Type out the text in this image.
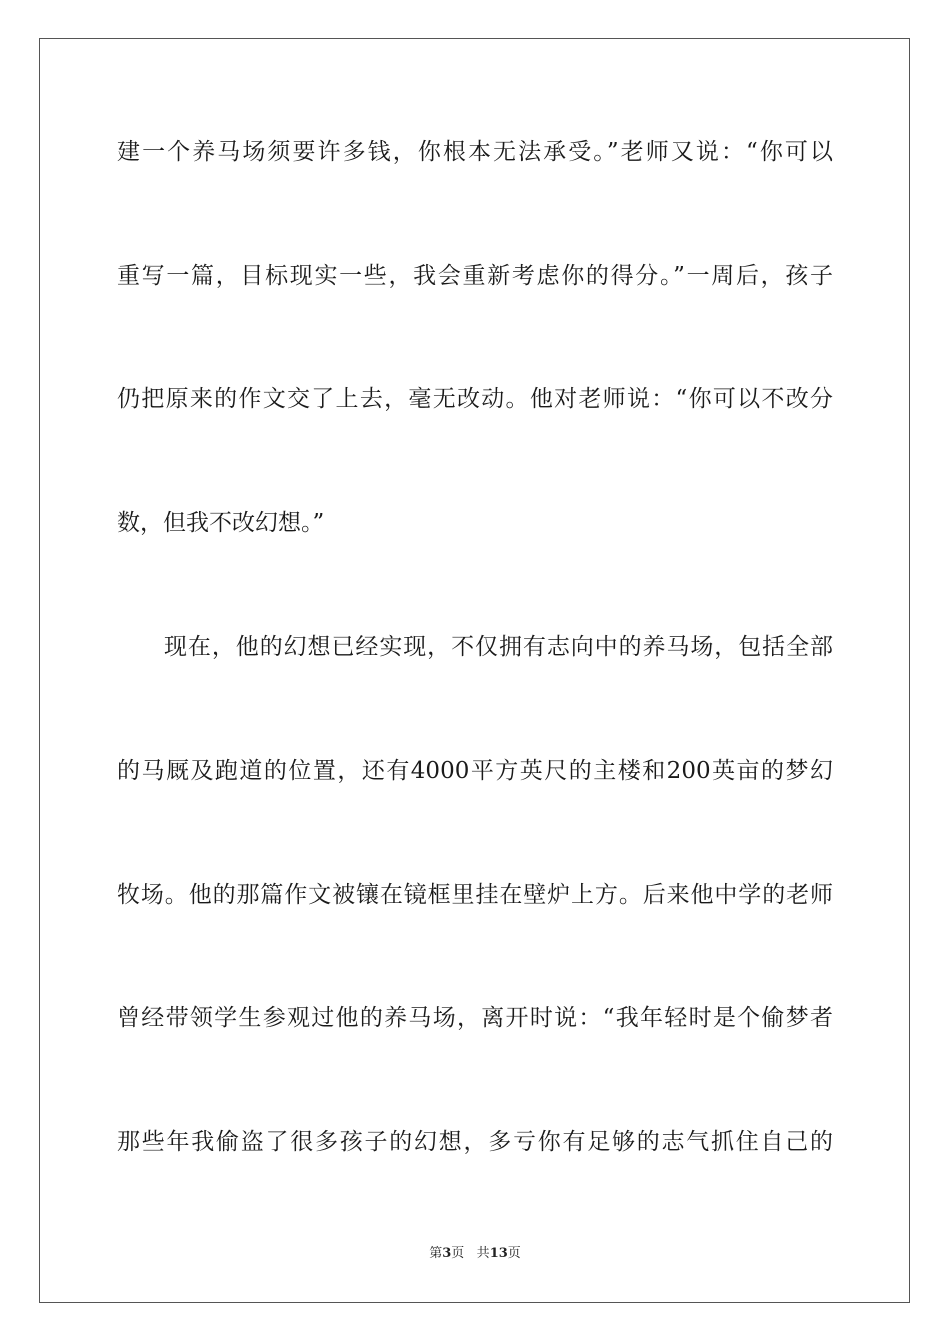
建一个养马场须要许多钱，你根本无法承受。”老师又说：“你可以
重写一篇，目标现实一些，我会重新考虑你的得分。”一周后，孩子
仍把原来的作文交了上去，毫无改动。他对老师说：“你可以不改分
数，但我不改幻想。”
现在，他的幻想已经实现，不仅拥有志向中的养马场，包括全部
的马厩及跑道的位置，还有4000平方英尺的主楼和200英亩的梦幻
牧场。他的那篇作文被镶在镜框里挂在壁炉上方。后来他中学的老师
曾经带领学生参观过他的养马场，离开时说：“我年轻时是个偷梦者
那些年我偷盗了很多孩子的幻想，多亏你有足够的志气抓住自己的
第3页 共13页
